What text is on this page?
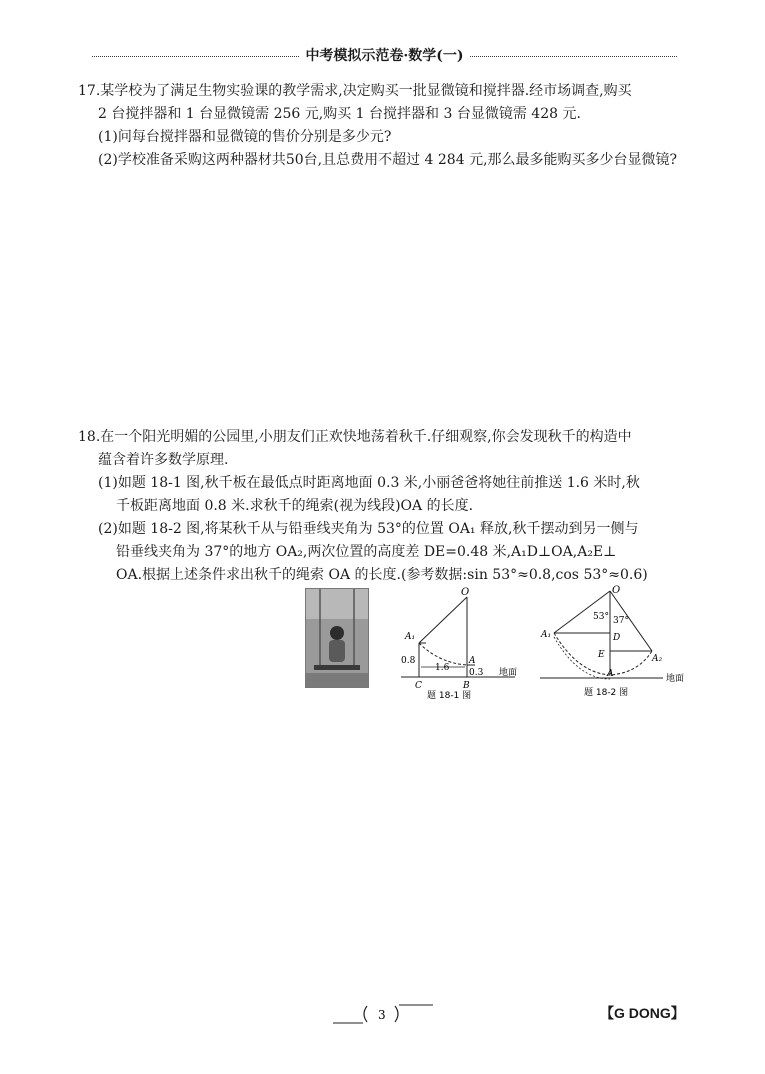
中考模拟示范卷·数学(一)
17.某学校为了满足生物实验课的教学需求,决定购买一批显微镜和搅拌器.经市场调查,购买
2 台搅拌器和 1 台显微镜需 256 元,购买 1 台搅拌器和 3 台显微镜需 428 元.
(1)问每台搅拌器和显微镜的售价分别是多少元?
(2)学校准备采购这两种器材共50台,且总费用不超过 4 284 元,那么最多能购买多少台显微镜?
18.在一个阳光明媚的公园里,小朋友们正欢快地荡着秋千.仔细观察,你会发现秋千的构造中
蕴含着许多数学原理.
(1)如题 18-1 图,秋千板在最低点时距离地面 0.3 米,小丽爸爸将她往前推送 1.6 米时,秋
千板距离地面 0.8 米.求秋千的绳索(视为线段)OA 的长度.
(2)如题 18-2 图,将某秋千从与铅垂线夹角为 53°的位置 OA₁ 释放,秋千摆动到另一侧与
铅垂线夹角为 37°的地方 OA₂,两次位置的高度差 DE=0.48 米,A₁D⊥OA,A₂E⊥
OA.根据上述条件求出秋千的绳索 OA 的长度.(参考数据:sin 53°≈0.8,cos 53°≈0.6)
O
A₁
A
0.8
1.6 0.3
C	B
地面
题 18-1 图
O
53° 37°
A₁	D
E	A₂
A	地面
题 18-2 图
3	【G DONG】
